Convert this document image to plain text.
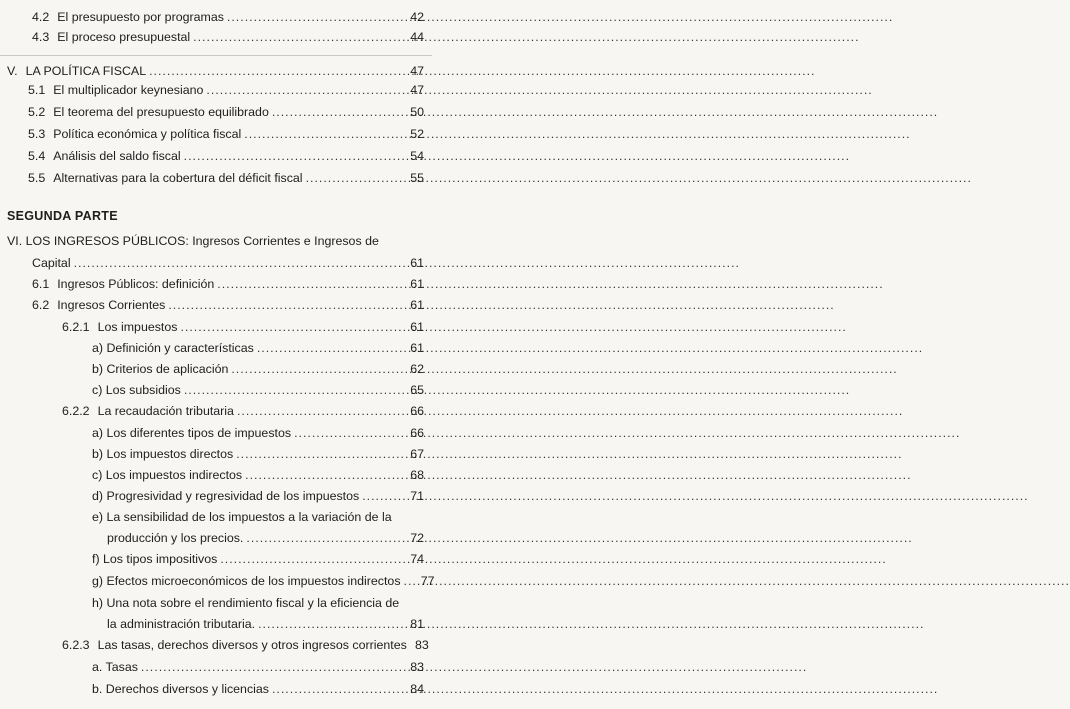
4.2 El presupuesto por programas .....	42
4.3 El proceso presupuestal .....	44
V. LA POLÍTICA FISCAL .....	47
5.1 El multiplicador keynesiano .....	47
5.2 El teorema del presupuesto equilibrado .....	50
5.3 Política económica y política fiscal .....	52
5.4 Análisis del saldo fiscal .....	54
5.5 Alternativas para la cobertura del déficit fiscal .....	55
SEGUNDA PARTE
VI. LOS INGRESOS PÚBLICOS: Ingresos Corrientes e Ingresos de
Capital .....	61
6.1 Ingresos Públicos: definición .....	61
6.2 Ingresos Corrientes .....	61
6.2.1 Los impuestos .....	61
a) Definición y características .....	61
b) Criterios de aplicación .....	62
c) Los subsidios .....	65
6.2.2 La recaudación tributaria .....	66
a) Los diferentes tipos de impuestos .....	66
b) Los impuestos directos .....	67
c) Los impuestos indirectos .....	68
d) Progresividad y regresividad de los impuestos .....	71
e) La sensibilidad de los impuestos a la variación de la
producción y los precios. .....	72
f) Los tipos impositivos .....	74
g) Efectos microeconómicos de los impuestos indirectos .....	77
h) Una nota sobre el rendimiento fiscal y la eficiencia de
la administración tributaria. .....	81
6.2.3 Las tasas, derechos diversos y otros ingresos corrientes 83
a. Tasas .....	83
b. Derechos diversos y licencias .....	84
